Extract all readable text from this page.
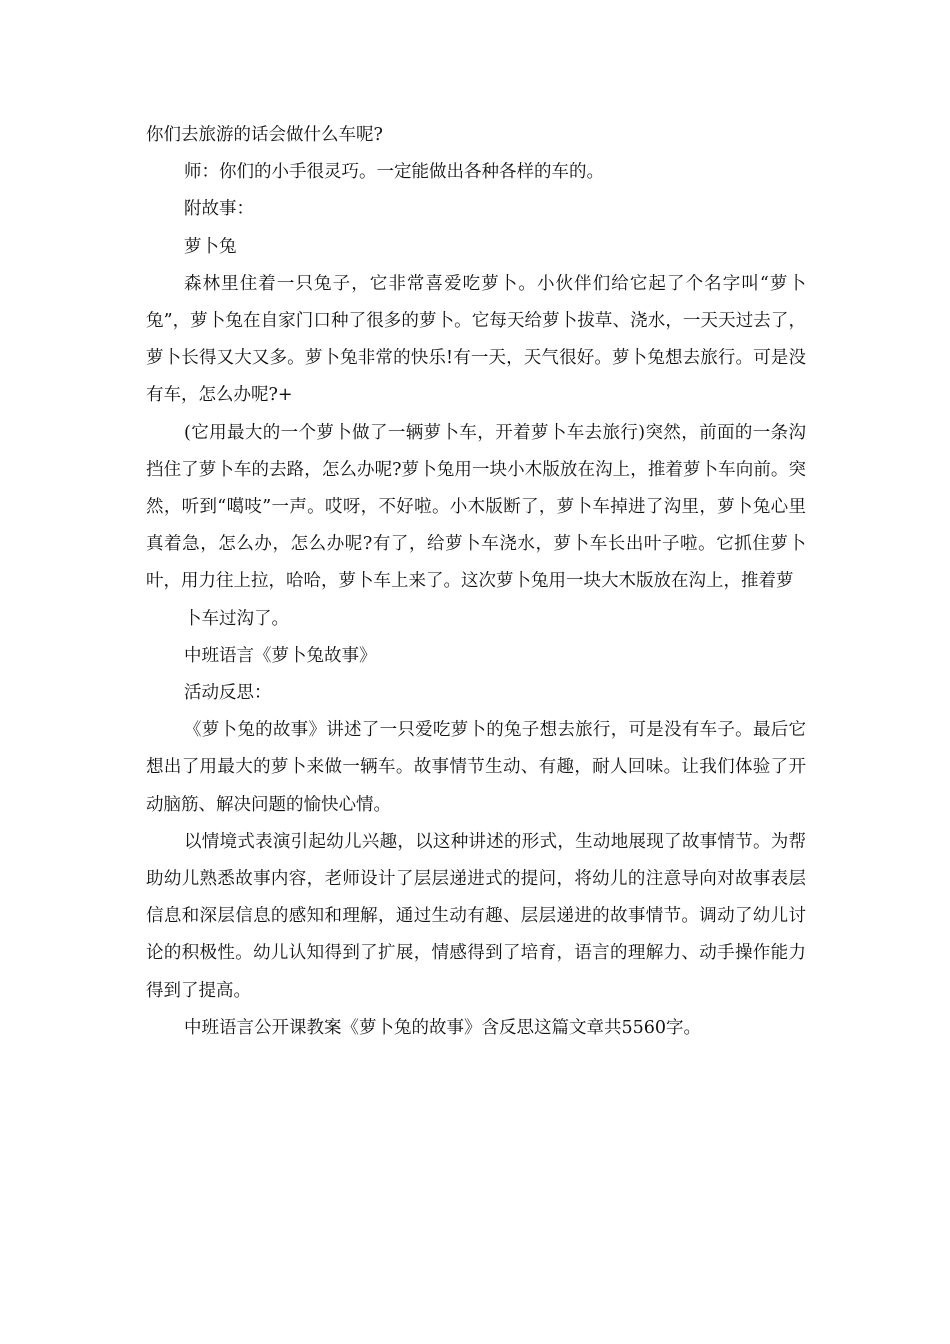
你们去旅游的话会做什么车呢?

师：你们的小手很灵巧。一定能做出各种各样的车的。

附故事：

萝卜兔

森林里住着一只兔子，它非常喜爱吃萝卜。小伙伴们给它起了个名字叫“萝卜兔”，萝卜兔在自家门口种了很多的萝卜。它每天给萝卜拔草、浇水，一天天过去了，萝卜长得又大又多。萝卜兔非常的快乐!有一天，天气很好。萝卜兔想去旅行。可是没有车，怎么办呢?+

(它用最大的一个萝卜做了一辆萝卜车，开着萝卜车去旅行)突然，前面的一条沟挡住了萝卜车的去路，怎么办呢?萝卜兔用一块小木版放在沟上，推着萝卜车向前。突然，听到“噶吱”一声。哎呀，不好啦。小木版断了，萝卜车掉进了沟里，萝卜兔心里真着急，怎么办，怎么办呢?有了，给萝卜车浇水，萝卜车长出叶子啦。它抓住萝卜叶，用力往上拉，哈哈，萝卜车上来了。这次萝卜兔用一块大木版放在沟上，推着萝

卜车过沟了。

中班语言《萝卜兔故事》

活动反思：

《萝卜兔的故事》讲述了一只爱吃萝卜的兔子想去旅行，可是没有车子。最后它想出了用最大的萝卜来做一辆车。故事情节生动、有趣，耐人回味。让我们体验了开动脑筋、解决问题的愉快心情。

以情境式表演引起幼儿兴趣，以这种讲述的形式，生动地展现了故事情节。为帮助幼儿熟悉故事内容，老师设计了层层递进式的提问，将幼儿的注意导向对故事表层信息和深层信息的感知和理解，通过生动有趣、层层递进的故事情节。调动了幼儿讨论的积极性。幼儿认知得到了扩展，情感得到了培育，语言的理解力、动手操作能力得到了提高。

中班语言公开课教案《萝卜兔的故事》含反思这篇文章共5560字。
